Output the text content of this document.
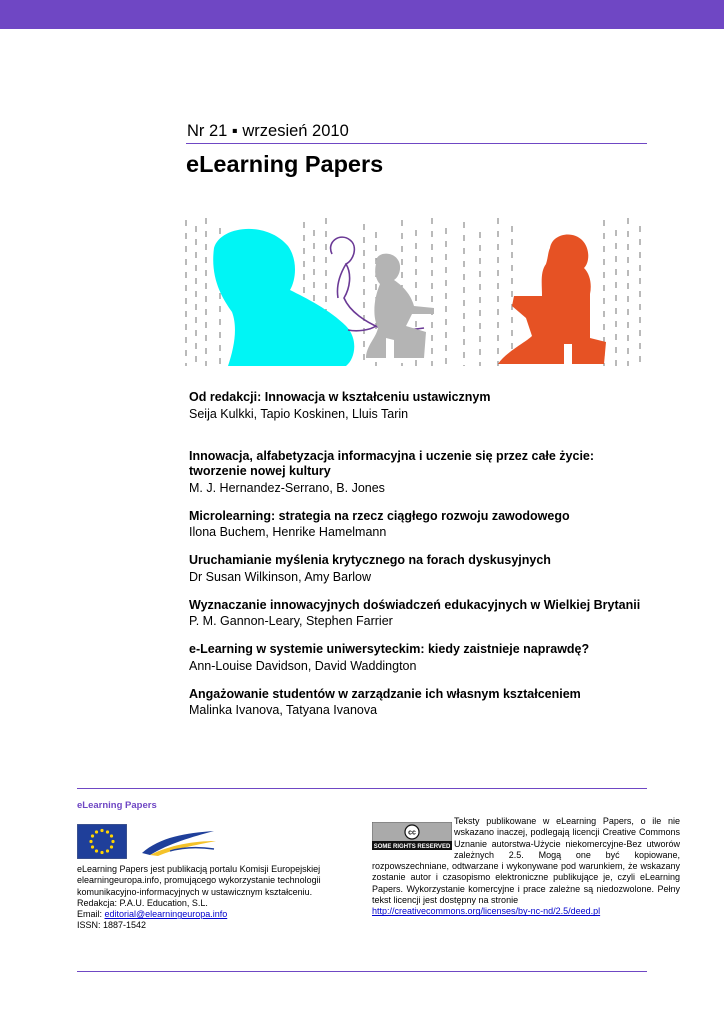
Nr 21 ▪ wrzesień 2010
eLearning Papers
Od redakcji: Innowacja w kształceniu ustawicznym
Seija Kulkki, Tapio Koskinen, Lluis Tarin
Innowacja, alfabetyzacja informacyjna i uczenie się przez całe życie: tworzenie nowej kultury
M. J. Hernandez-Serrano, B. Jones
Microlearning: strategia na rzecz ciągłego rozwoju zawodowego
Ilona Buchem, Henrike Hamelmann
Uruchamianie myślenia krytycznego na forach dyskusyjnych
Dr Susan Wilkinson, Amy Barlow
Wyznaczanie innowacyjnych doświadczeń edukacyjnych w Wielkiej Brytanii
P. M. Gannon-Leary, Stephen Farrier
e-Learning w systemie uniwersyteckim: kiedy zaistnieje naprawdę?
Ann-Louise Davidson, David Waddington
Angażowanie studentów w zarządzanie ich własnym kształceniem
Malinka Ivanova, Tatyana Ivanova
eLearning Papers
eLearning Papers jest publikacją portalu Komisji Europejskiej
elearningeuropa.info, promującego wykorzystanie technologii
komunikacyjno-informacyjnych w ustawicznym kształceniu.
Redakcja: P.A.U. Education, S.L.
Email: editorial@elearningeuropa.info
ISSN: 1887-1542
Teksty publikowane w eLearning Papers, o ile nie wskazano inaczej, podlegają licencji Creative Commons Uznanie autorstwa-Użycie niekomercyjne-Bez utworów zależnych 2.5. Mogą one być kopiowane, rozpowszechniane, odtwarzane i wykonywane pod warunkiem, że wskazany zostanie autor i czasopismo elektroniczne publikujące je, czyli eLearning Papers. Wykorzystanie komercyjne i prace zależne są niedozwolone. Pełny tekst licencji jest dostępny na stronie
http://creativecommons.org/licenses/by-nc-nd/2.5/deed.pl
cc
SOME RIGHTS RESERVED
